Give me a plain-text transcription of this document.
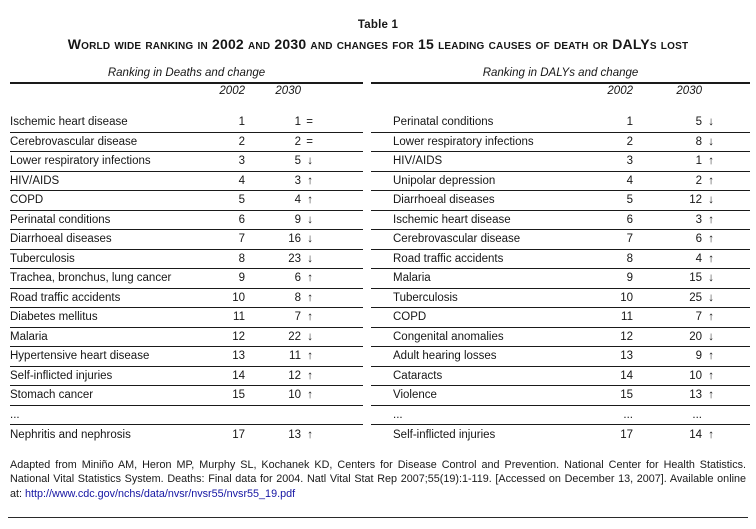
Table 1
World wide ranking in 2002 and 2030 and changes for 15 leading causes of death or DALYs lost
Ranking in Deaths and change
2002	2030
Ischemic heart disease	1	1 =
Cerebrovascular disease	2	2 =
Lower respiratory infections	3	5 ↓
HIV/AIDS	4	3 ↑
COPD	5	4 ↑
Perinatal conditions	6	9 ↓
Diarrhoeal diseases	7	16 ↓
Tuberculosis	8	23 ↓
Trachea, bronchus, lung cancer	9	6 ↑
Road traffic accidents	10	8 ↑
Diabetes mellitus	11	7 ↑
Malaria	12	22 ↓
Hypertensive heart disease	13	11 ↑
Self-inflicted injuries	14	12 ↑
Stomach cancer	15	10 ↑
...
Nephritis and nephrosis	17	13 ↑
Ranking in DALYs and change
2002	2030
Perinatal conditions	1	5 ↓
Lower respiratory infections	2	8 ↓
HIV/AIDS	3	1 ↑
Unipolar depression	4	2 ↑
Diarrhoeal diseases	5	12 ↓
Ischemic heart disease	6	3 ↑
Cerebrovascular disease	7	6 ↑
Road traffic accidents	8	4 ↑
Malaria	9	15 ↓
Tuberculosis	10	25 ↓
COPD	11	7 ↑
Congenital anomalies	12	20 ↓
Adult hearing losses	13	9 ↑
Cataracts	14	10 ↑
Violence	15	13 ↑
...	...	...
Self-inflicted injuries	17	14 ↑
Adapted from Miniño AM, Heron MP, Murphy SL, Kochanek KD, Centers for Disease Control and Prevention. National Center for Health Statistics. National Vital Statistics System. Deaths: Final data for 2004. Natl Vital Stat Rep 2007;55(19):1-119. [Accessed on December 13, 2007]. Available online at: http://www.cdc.gov/nchs/data/nvsr/nvsr55/nvsr55_19.pdf
